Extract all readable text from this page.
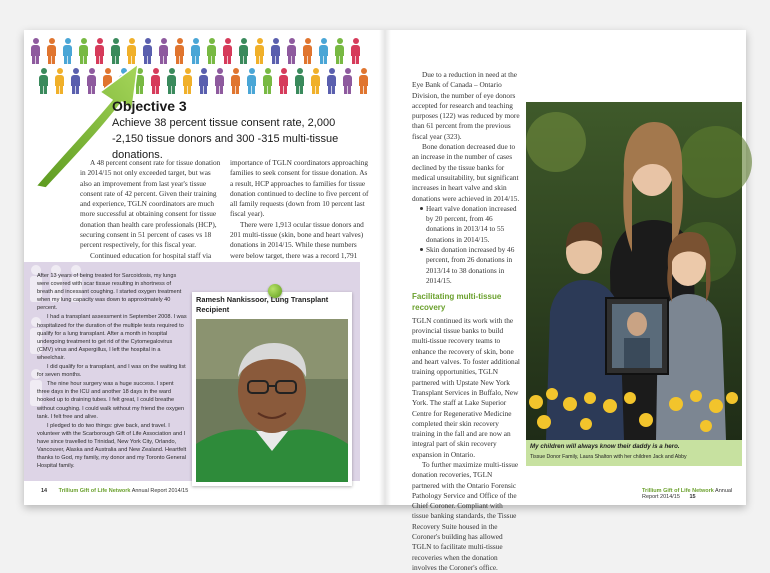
Objective 3
Achieve 38 percent tissue consent rate, 2,000 -2,150 tissue donors and 300 -315 multi-tissue donations.

A 48 percent consent rate for tissue donation in 2014/15 not only exceeded target, but was also an improvement from last year's tissue consent rate of 42 percent. Given their training and experience, TGLN coordinators are much more successful at obtaining consent for tissue donation than health care professionals (HCP), securing consent in 51 percent of cases vs 18 percent respectively, for this fiscal year.

Continued education for hospital staff via

importance of TGLN coordinators approaching families to seek consent for tissue donation. As a result, HCP approaches to families for tissue donation continued to decline to five percent of all family requests (down from 10 percent last fiscal year).

There were 1,913 ocular tissue donors and 201 multi-tissue (skin, bone and heart valves) donations in 2014/15. While these numbers were below target, there was a record 1,791

After 13 years of being treated for Sarcoidosis, my lungs were covered with scar tissue resulting in shortness of breath and incessant coughing. I started oxygen treatment when my lung capacity was down to approximately 40 percent.

I had a transplant assessment in September 2008. I was hospitalized for the duration of the multiple tests required to qualify for a lung transplant. After a month in hospital undergoing treatment to get rid of the Cytomegalovirus (CMV) virus and Aspergillus, I left the hospital in a wheelchair.

I did qualify for a transplant, and I was on the waiting list for seven months.

The nine hour surgery was a huge success. I spent three days in the ICU and another 18 days in the ward hooked up to draining tubes. I felt great, I could breathe without coughing. I could walk without my friend the oxygen tank. I felt free and alive.

I pledged to do two things: give back, and travel. I volunteer with the Scarborough Gift of Life Association and I have since travelled to Trinidad, New York City, Orlando, Vancouver, Alaska and Australia and New Zealand. Heartfelt thanks to God, my family, my donor and my Toronto General Hospital family.

Ramesh Nankissoor, Lung Transplant Recipient
14 Trillium Gift of Life Network Annual Report 2014/15

Due to a reduction in need at the Eye Bank of Canada – Ontario Division, the number of eye donors accepted for research and teaching purposes (122) was reduced by more than 61 percent from the previous fiscal year (323).

Bone donation decreased due to an increase in the number of cases declined by the tissue banks for medical unsuitability, but significant increases in heart valve and skin donations were achieved in 2014/15.

Heart valve donation increased by 20 percent, from 46 donations in 2013/14 to 55 donations in 2014/15.
Skin donation increased by 46 percent, from 26 donations in 2013/14 to 38 donations in 2014/15.
Facilitating multi-tissue recovery

TGLN continued its work with the provincial tissue banks to build multi-tissue recovery teams to enhance the recovery of skin, bone and heart valves. To foster additional training opportunities, TGLN partnered with Upstate New York Transplant Services in Buffalo, New York. The staff at Lake Superior Centre for Regenerative Medicine completed their skin recovery training in the fall and are now an integral part of skin recovery expansion in Ontario.

To further maximize multi-tissue donation recoveries, TGLN partnered with the Ontario Forensic Pathology Service and Office of the Chief Coroner. Compliant with tissue banking standards, the Tissue Recovery Suite housed in the Coroner's building has allowed TGLN to facilitate multi-tissue recoveries when the donation involves the Coroner's office.

Trillium Gift of Life Network Annual Report 2014/15 15
My children will always know their daddy is a hero.
Tissue Donor Family, Laura Shalton with her children Jack and Abby
